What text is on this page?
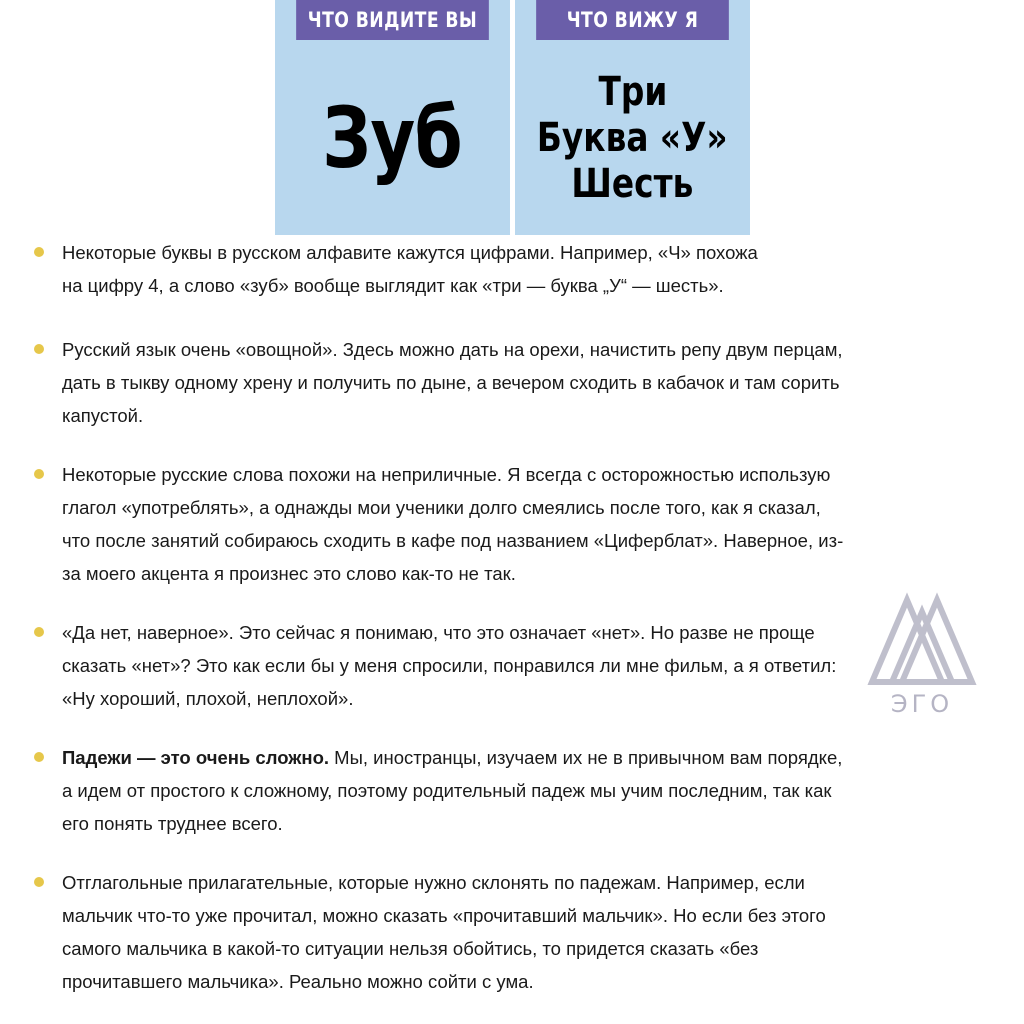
ЧТО ВИДИТЕ ВЫ
Зуб
ЧТО ВИЖУ Я
Три
Буква «У»
Шесть
Некоторые буквы в русском алфавите кажутся цифрами. Например, «Ч» похожа
на цифру 4, а слово «зуб» вообще выглядит как «три — буква „У“ — шесть».
Русский язык очень «овощной». Здесь можно дать на орехи, начистить репу двум перцам,
дать в тыкву одному хрену и получить по дыне, а вечером сходить в кабачок и там сорить
капустой.
Некоторые русские слова похожи на неприличные. Я всегда с осторожностью использую
глагол «употреблять», а однажды мои ученики долго смеялись после того, как я сказал,
что после занятий собираюсь сходить в кафе под названием «Циферблат». Наверное, из-
за моего акцента я произнес это слово как-то не так.
«Да нет, наверное». Это сейчас я понимаю, что это означает «нет». Но разве не проще
сказать «нет»? Это как если бы у меня спросили, понравился ли мне фильм, а я ответил:
«Ну хороший, плохой, неплохой».
Падежи — это очень сложно. Мы, иностранцы, изучаем их не в привычном вам порядке,
а идем от простого к сложному, поэтому родительный падеж мы учим последним, так как
его понять труднее всего.
Отглагольные прилагательные, которые нужно склонять по падежам. Например, если
мальчик что-то уже прочитал, можно сказать «прочитавший мальчик». Но если без этого
самого мальчика в какой-то ситуации нельзя обойтись, то придется сказать «без
прочитавшего мальчика». Реально можно сойти с ума.
ЭГО
